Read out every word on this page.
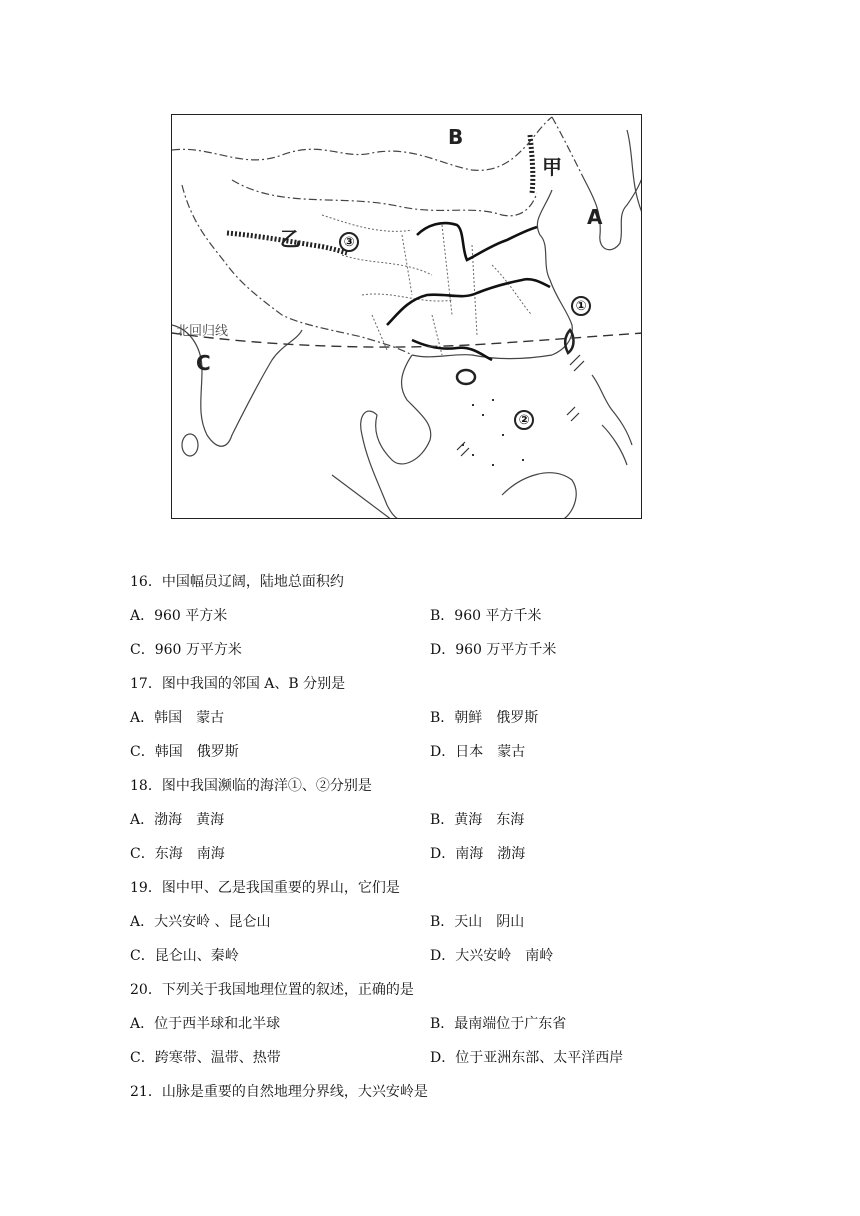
B
甲
A
乙
C
③
①
②
北回归线
16．中国幅员辽阔，陆地总面积约
A．960 平方米	B．960 平方千米
C．960 万平方米	D．960 万平方千米
17．图中我国的邻国 A、B 分别是
A．韩国　蒙古	B．朝鲜　俄罗斯
C．韩国　俄罗斯	D．日本　蒙古
18．图中我国濒临的海洋①、②分别是
A．渤海　黄海	B．黄海　东海
C．东海　南海	D．南海　渤海
19．图中甲、乙是我国重要的界山，它们是
A．大兴安岭 、昆仑山	B．天山　阴山
C．昆仑山、秦岭	D．大兴安岭　南岭
20．下列关于我国地理位置的叙述，正确的是
A．位于西半球和北半球	B．最南端位于广东省
C．跨寒带、温带、热带	D．位于亚洲东部、太平洋西岸
21．山脉是重要的自然地理分界线，大兴安岭是
